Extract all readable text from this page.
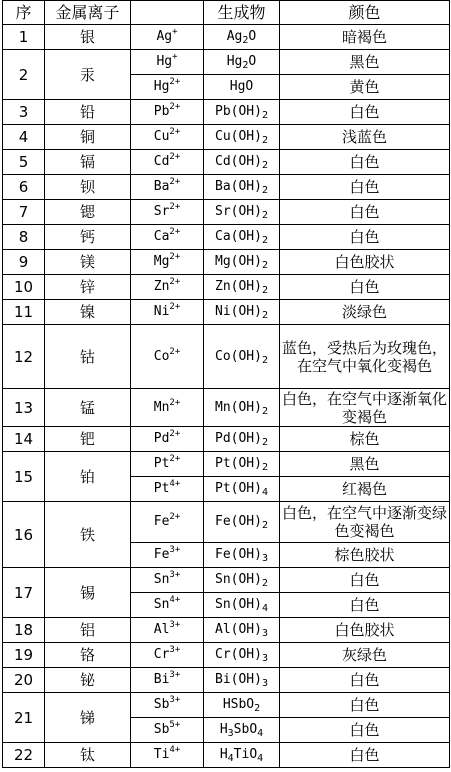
序	金属离子		生成物	颜色
1	银	Ag+	$Ag_2O$	暗褐色
2	汞	Hg+	$Hg_2O$	黑色
		$Hg^{2+}$	HgO	黄色
3	铅	$Pb^{2+}$	$Pb(OH)_2$	白色
4	铜	$Cu^{2+}$	$Cu(OH)_2$	浅蓝色
5	镉	$Cd^{2+}$	$Cd(OH)_2$	白色
6	钡	$Ba^{2+}$	$Ba(OH)_2$	白色
7	锶	$Sr^{2+}$	$Sr(OH)_2$	白色
8	钙	$Ca^{2+}$	$Ca(OH)_2$	白色
9	镁	$Mg^{2+}$	$Mg(OH)_2$	白色胶状
10	锌	$Zn^{2+}$	$Zn(OH)_2$	白色
11	镍	$Ni^{2+}$	$Ni(OH)_2$	淡绿色
12	钴	$Co^{2+}$	$Co(OH)_2$	蓝色，受热后为玫瑰色，在空气中氧化变褐色
13	锰	$Mn^{2+}$	$Mn(OH)_2$	白色，在空气中逐渐氧化变褐色
14	钯	$Pd^{2+}$	$Pd(OH)_2$	棕色
15	铂	$Pt^{2+}$	$Pt(OH)_2$	黑色
		$Pt^{4+}$	$Pt(OH)_4$	红褐色
16	铁	$Fe^{2+}$	$Fe(OH)_2$	白色，在空气中逐渐变绿色变褐色
		$Fe^{3+}$	$Fe(OH)_3$	棕色胶状
17	锡	$Sn^{3+}$	$Sn(OH)_2$	白色
		$Sn^{4+}$	$Sn(OH)_4$	白色
18	铝	$Al^{3+}$	$Al(OH)_3$	白色胶状
19	铬	$Cr^{3+}$	$Cr(OH)_3$	灰绿色
20	铋	$Bi^{3+}$	$Bi(OH)_3$	白色
21	锑	$Sb^{3+}$	HSbO$_2$	白色
		$Sb^{5+}$	$H_3SbO_4$	白色
22	钛	$Ti^{4+}$	$H_4TiO_4$	白色
